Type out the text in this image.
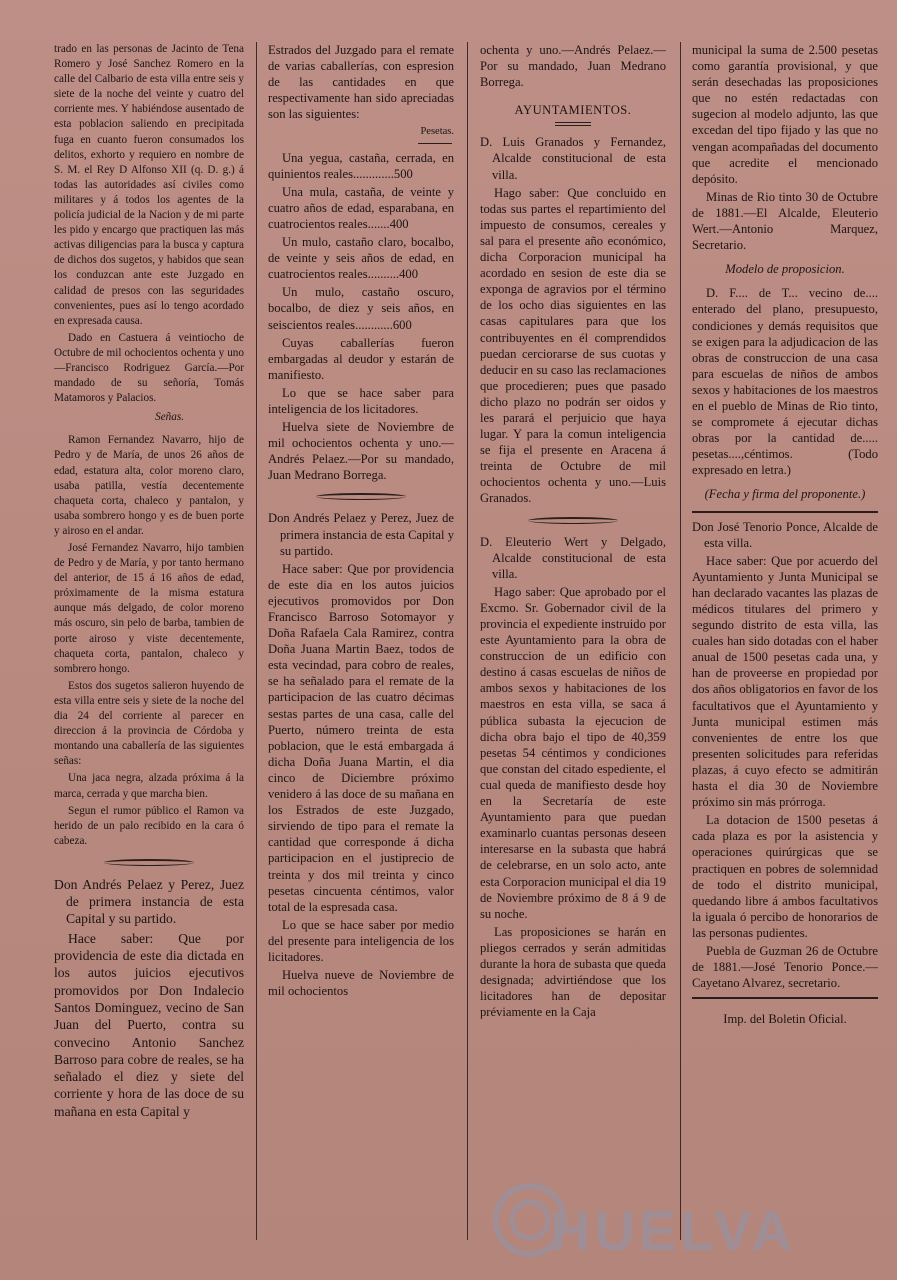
trado en las personas de Jacinto de Tena Romero y José Sanchez Romero en la calle del Calbario de esta villa entre seis y siete de la noche del veinte y cuatro del corriente mes. Y habiéndose ausentado de esta poblacion saliendo en precipitada fuga en cuanto fueron consumados los delitos, exhorto y requiero en nombre de S. M. el Rey D Alfonso XII (q. D. g.) á todas las autoridades así civiles como militares y á todos los agentes de la policía judicial de la Nacion y de mi parte les pido y encargo que practiquen las más activas diligencias para la busca y captura de dichos dos sugetos, y habidos que sean los conduzcan ante este Juzgado en calidad de presos con las seguridades convenientes, pues así lo tengo acordado en expresada causa.

Dado en Castuera á veintiocho de Octubre de mil ochocientos ochenta y uno —Francisco Rodriguez García.—Por mandado de su señoría, Tomás Matamoros y Palacios.

Señas.

Ramon Fernandez Navarro, hijo de Pedro y de María, de unos 26 años de edad, estatura alta, color moreno claro, usaba patilla, vestía decentemente chaqueta corta, chaleco y pantalon, y usaba sombrero hongo y es de buen porte y airoso en el andar.

José Fernandez Navarro, hijo tambien de Pedro y de María, y por tanto hermano del anterior, de 15 á 16 años de edad, próximamente de la misma estatura aunque más delgado, de color moreno más oscuro, sin pelo de barba, tambien de porte airoso y viste decentemente, chaqueta corta, pantalon, chaleco y sombrero hongo.

Estos dos sugetos salieron huyendo de esta villa entre seis y siete de la noche del dia 24 del corriente al parecer en direccion á la provincia de Córdoba y montando una caballería de las siguientes señas:

Una jaca negra, alzada próxima á la marca, cerrada y que marcha bien.

Segun el rumor público el Ramon va herido de un palo recibido en la cara ó cabeza.

Don Andrés Pelaez y Perez, Juez de primera instancia de esta Capital y su partido.

Hace saber: Que por providencia de este dia dictada en los autos juicios ejecutivos promovidos por Don Indalecio Santos Dominguez, vecino de San Juan del Puerto, contra su convecino Antonio Sanchez Barroso para cobre de reales, se ha señalado el diez y siete del corriente y hora de las doce de su mañana en esta Capital y

Estrados del Juzgado para el remate de varias caballerías, con espresion de las cantidades en que respectivamente han sido apreciadas son las siguientes:

Pesetas.

Una yegua, castaña, cerrada, en quinientos reales.............500

Una mula, castaña, de veinte y cuatro años de edad, esparabana, en cuatrocientos reales.......400

Un mulo, castaño claro, bocalbo, de veinte y seis años de edad, en cuatrocientos reales..........400

Un mulo, castaño oscuro, bocalbo, de diez y seis años, en seiscientos reales............600

Cuyas caballerías fueron embargadas al deudor y estarán de manifiesto.

Lo que se hace saber para inteligencia de los licitadores.

Huelva siete de Noviembre de mil ochocientos ochenta y uno.—Andrés Pelaez.—Por su mandado, Juan Medrano Borrega.

Don Andrés Pelaez y Perez, Juez de primera instancia de esta Capital y su partido.

Hace saber: Que por providencia de este dia en los autos juicios ejecutivos promovidos por Don Francisco Barroso Sotomayor y Doña Rafaela Cala Ramirez, contra Doña Juana Martin Baez, todos de esta vecindad, para cobro de reales, se ha señalado para el remate de la participacion de las cuatro décimas sestas partes de una casa, calle del Puerto, número treinta de esta poblacion, que le está embargada á dicha Doña Juana Martin, el dia cinco de Diciembre próximo venidero á las doce de su mañana en los Estrados de este Juzgado, sirviendo de tipo para el remate la cantidad que corresponde á dicha participacion en el justiprecio de treinta y dos mil treinta y cinco pesetas cincuenta céntimos, valor total de la espresada casa.

Lo que se hace saber por medio del presente para inteligencia de los licitadores.

Huelva nueve de Noviembre de mil ochocientos

ochenta y uno.—Andrés Pelaez.—Por su mandado, Juan Medrano Borrega.

AYUNTAMIENTOS.

D. Luis Granados y Fernandez, Alcalde constitucional de esta villa.

Hago saber: Que concluido en todas sus partes el repartimiento del impuesto de consumos, cereales y sal para el presente año económico, dicha Corporacion municipal ha acordado en sesion de este dia se exponga de agravios por el término de los ocho dias siguientes en las casas capitulares para que los contribuyentes en él comprendidos puedan cerciorarse de sus cuotas y deducir en su caso las reclamaciones que procedieren; pues que pasado dicho plazo no podrán ser oidos y les parará el perjuicio que haya lugar. Y para la comun inteligencia se fija el presente en Aracena á treinta de Octubre de mil ochocientos ochenta y uno.—Luis Granados.

D. Eleuterio Wert y Delgado, Alcalde constitucional de esta villa.

Hago saber: Que aprobado por el Excmo. Sr. Gobernador civil de la provincia el expediente instruido por este Ayuntamiento para la obra de construccion de un edificio con destino á casas escuelas de niños de ambos sexos y habitaciones de los maestros en esta villa, se saca á pública subasta la ejecucion de dicha obra bajo el tipo de 40,359 pesetas 54 céntimos y condiciones que constan del citado espediente, el cual queda de manifiesto desde hoy en la Secretaría de este Ayuntamiento para que puedan examinarlo cuantas personas deseen interesarse en la subasta que habrá de celebrarse, en un solo acto, ante esta Corporacion municipal el dia 19 de Noviembre próximo de 8 á 9 de su noche.

Las proposiciones se harán en pliegos cerrados y serán admitidas durante la hora de subasta que queda designada; advirtiéndose que los licitadores han de depositar préviamente en la Caja

municipal la suma de 2.500 pesetas como garantía provisional, y que serán desechadas las proposiciones que no estén redactadas con sugecion al modelo adjunto, las que excedan del tipo fijado y las que no vengan acompañadas del documento que acredite el mencionado depósito.

Minas de Rio tinto 30 de Octubre de 1881.—El Alcalde, Eleuterio Wert.—Antonio Marquez, Secretario.

Modelo de proposicion.

D. F.... de T... vecino de.... enterado del plano, presupuesto, condiciones y demás requisitos que se exigen para la adjudicacion de las obras de construccion de una casa para escuelas de niños de ambos sexos y habitaciones de los maestros en el pueblo de Minas de Rio tinto, se compromete á ejecutar dichas obras por la cantidad de..... pesetas....,céntimos. (Todo expresado en letra.)

(Fecha y firma del proponente.)

Don José Tenorio Ponce, Alcalde de esta villa.

Hace saber: Que por acuerdo del Ayuntamiento y Junta Municipal se han declarado vacantes las plazas de médicos titulares del primero y segundo distrito de esta villa, las cuales han sido dotadas con el haber anual de 1500 pesetas cada una, y han de proveerse en propiedad por dos años obligatorios en favor de los facultativos que el Ayuntamiento y Junta municipal estimen más convenientes de entre los que presenten solicitudes para referidas plazas, á cuyo efecto se admitirán hasta el dia 30 de Noviembre próximo sin más prórroga.

La dotacion de 1500 pesetas á cada plaza es por la asistencia y operaciones quirúrgicas que se practiquen en pobres de solemnidad de todo el distrito municipal, quedando libre á ambos facultativos la iguala ó percibo de honorarios de las personas pudientes.

Puebla de Guzman 26 de Octubre de 1881.—José Tenorio Ponce.—Cayetano Alvarez, secretario.

Imp. del Boletin Oficial.

HUELVA
